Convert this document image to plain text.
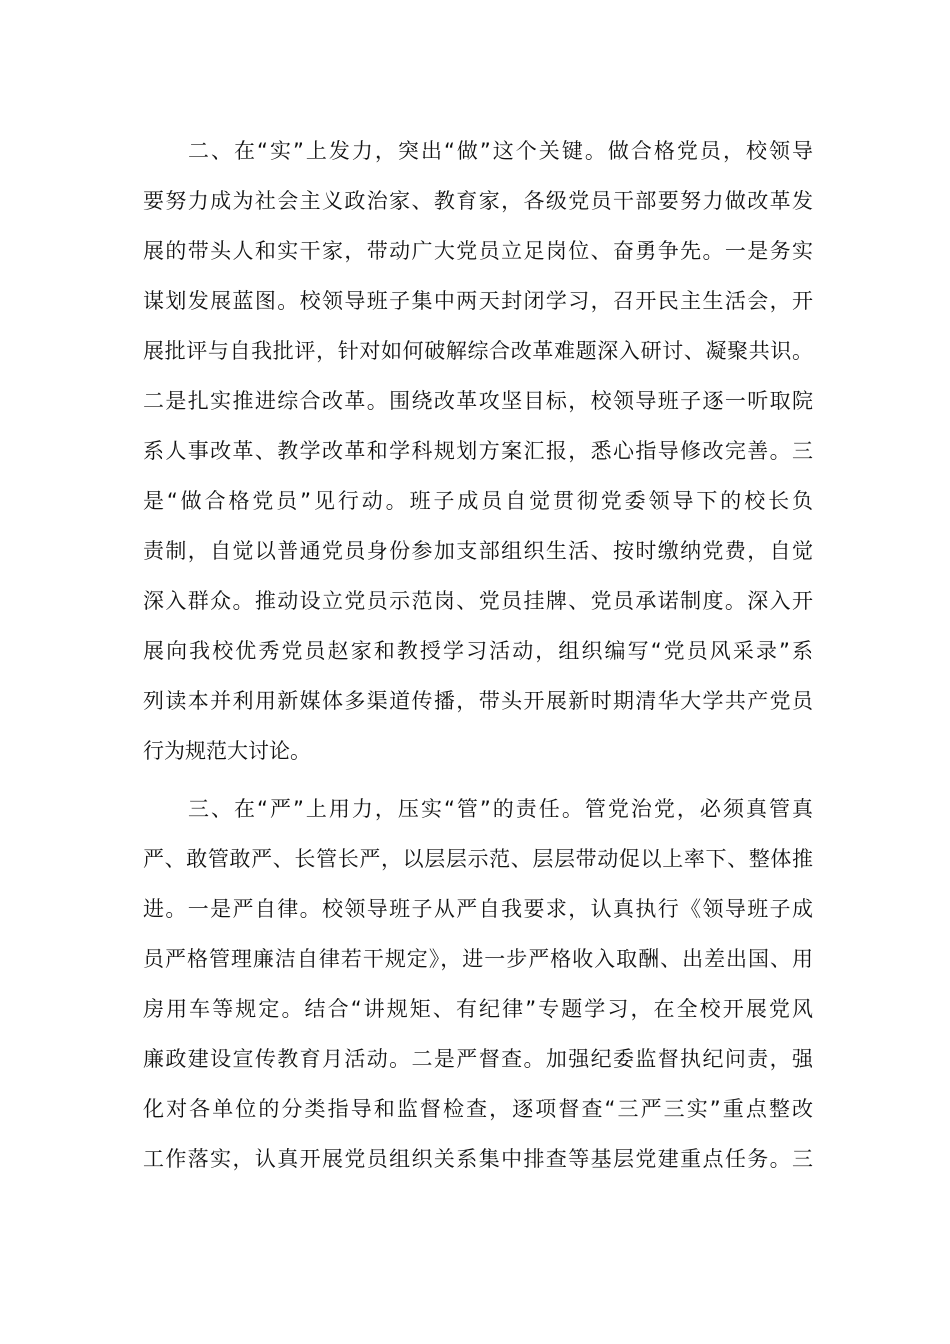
二、在“实”上发力，突出“做”这个关键。做合格党员，校领导
要努力成为社会主义政治家、教育家，各级党员干部要努力做改革发
展的带头人和实干家，带动广大党员立足岗位、奋勇争先。一是务实
谋划发展蓝图。校领导班子集中两天封闭学习，召开民主生活会，开
展批评与自我批评，针对如何破解综合改革难题深入研讨、凝聚共识。
二是扎实推进综合改革。围绕改革攻坚目标，校领导班子逐一听取院
系人事改革、教学改革和学科规划方案汇报，悉心指导修改完善。三
是“做合格党员”见行动。班子成员自觉贯彻党委领导下的校长负
责制，自觉以普通党员身份参加支部组织生活、按时缴纳党费，自觉
深入群众。推动设立党员示范岗、党员挂牌、党员承诺制度。深入开
展向我校优秀党员赵家和教授学习活动，组织编写“党员风采录”系
列读本并利用新媒体多渠道传播，带头开展新时期清华大学共产党员
行为规范大讨论。
三、在“严”上用力，压实“管”的责任。管党治党，必须真管真
严、敢管敢严、长管长严，以层层示范、层层带动促以上率下、整体推
进。一是严自律。校领导班子从严自我要求，认真执行《领导班子成
员严格管理廉洁自律若干规定》，进一步严格收入取酬、出差出国、用
房用车等规定。结合“讲规矩、有纪律”专题学习，在全校开展党风
廉政建设宣传教育月活动。二是严督查。加强纪委监督执纪问责，强
化对各单位的分类指导和监督检查，逐项督查“三严三实”重点整改
工作落实，认真开展党员组织关系集中排查等基层党建重点任务。三
